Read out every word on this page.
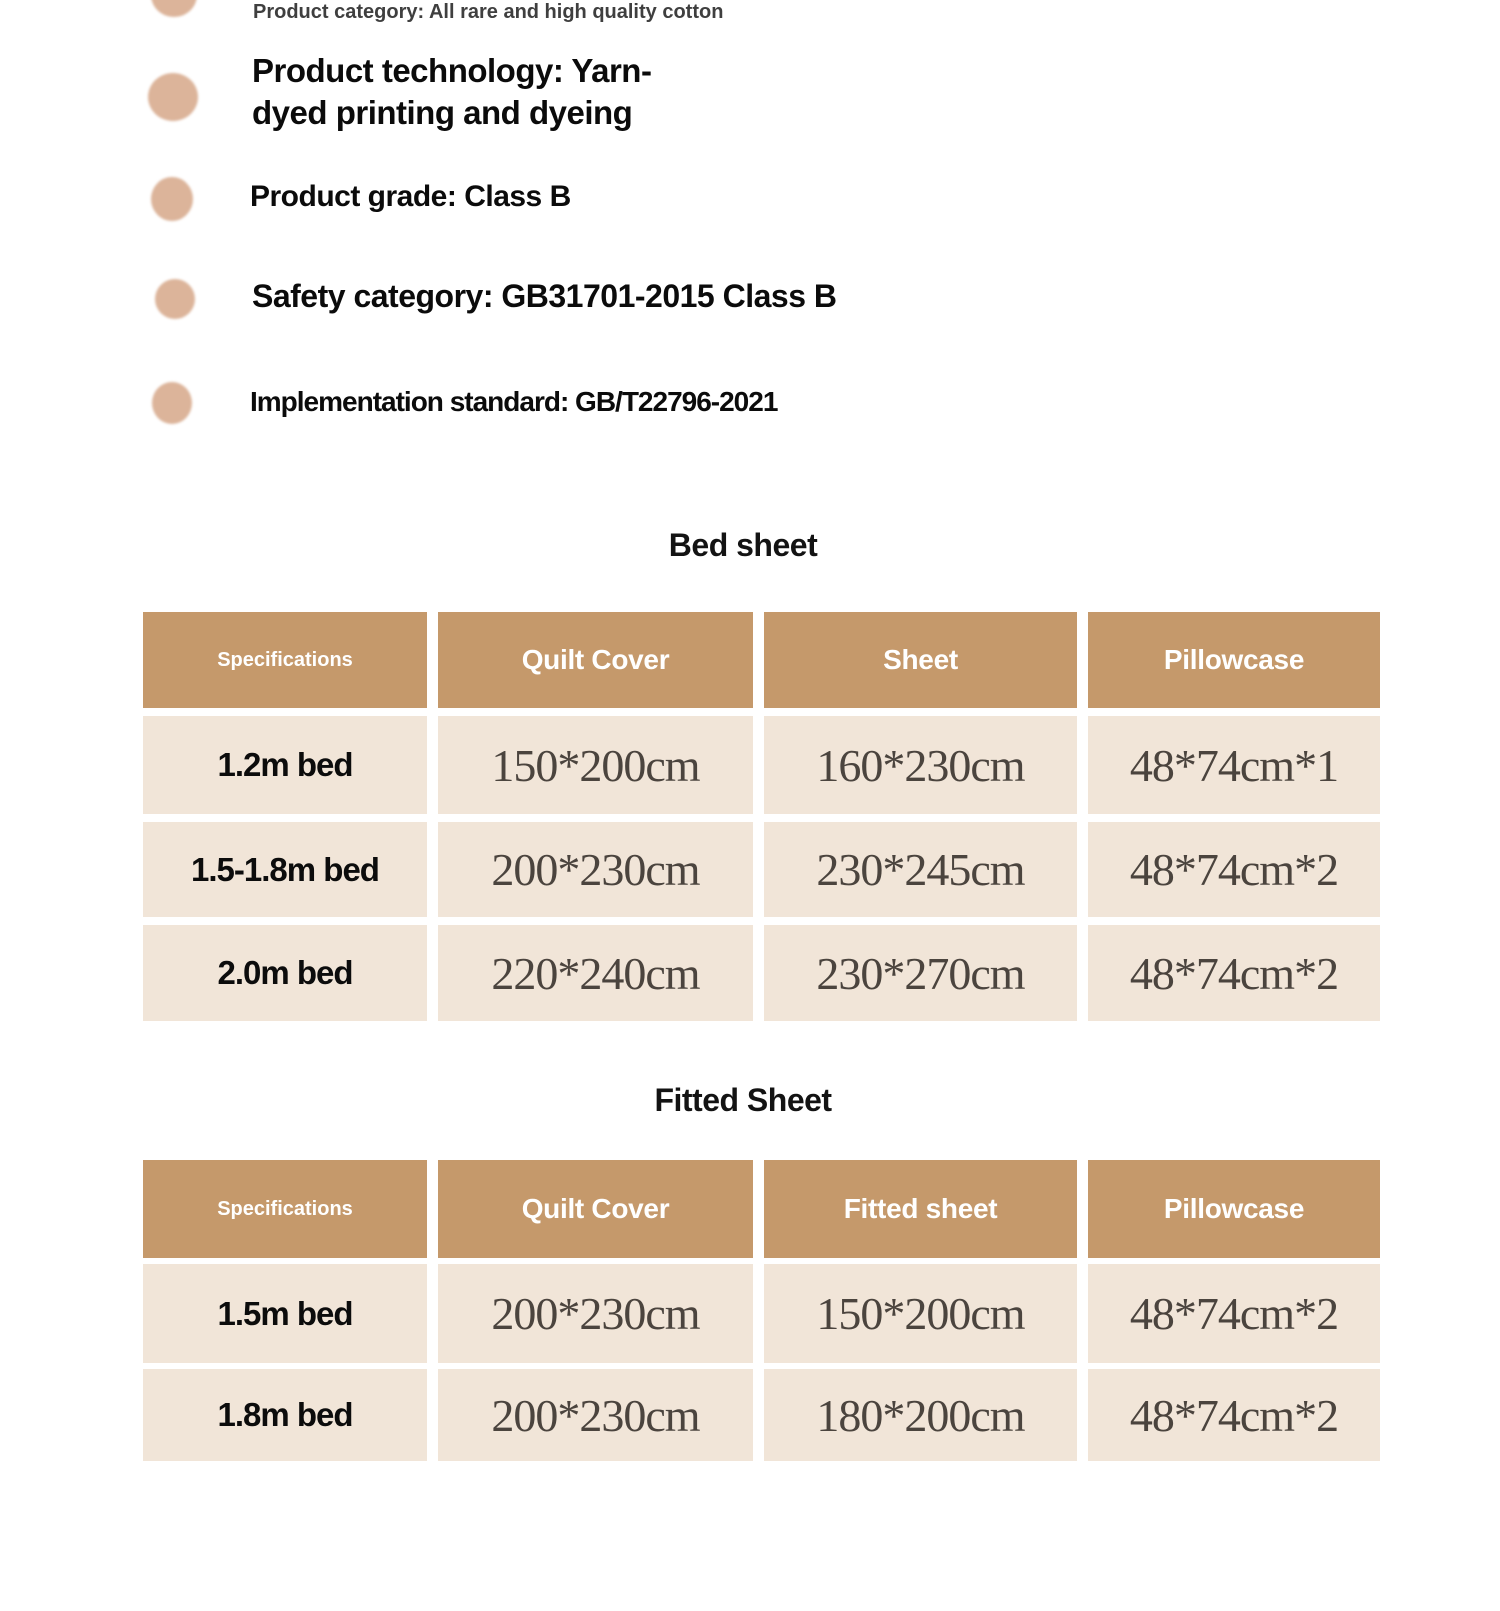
Product category: All rare and high quality cotton
Product technology: Yarn-dyed printing and dyeing
Product grade: Class B
Safety category: GB31701-2015 Class B
Implementation standard: GB/T22796-2021
Bed sheet
Specifications	Quilt Cover	Sheet	Pillowcase
1.2m bed	150*200cm	160*230cm	48*74cm*1
1.5-1.8m bed	200*230cm	230*245cm	48*74cm*2
2.0m bed	220*240cm	230*270cm	48*74cm*2
Fitted Sheet
Specifications	Quilt Cover	Fitted sheet	Pillowcase
1.5m bed	200*230cm	150*200cm	48*74cm*2
1.8m bed	200*230cm	180*200cm	48*74cm*2
